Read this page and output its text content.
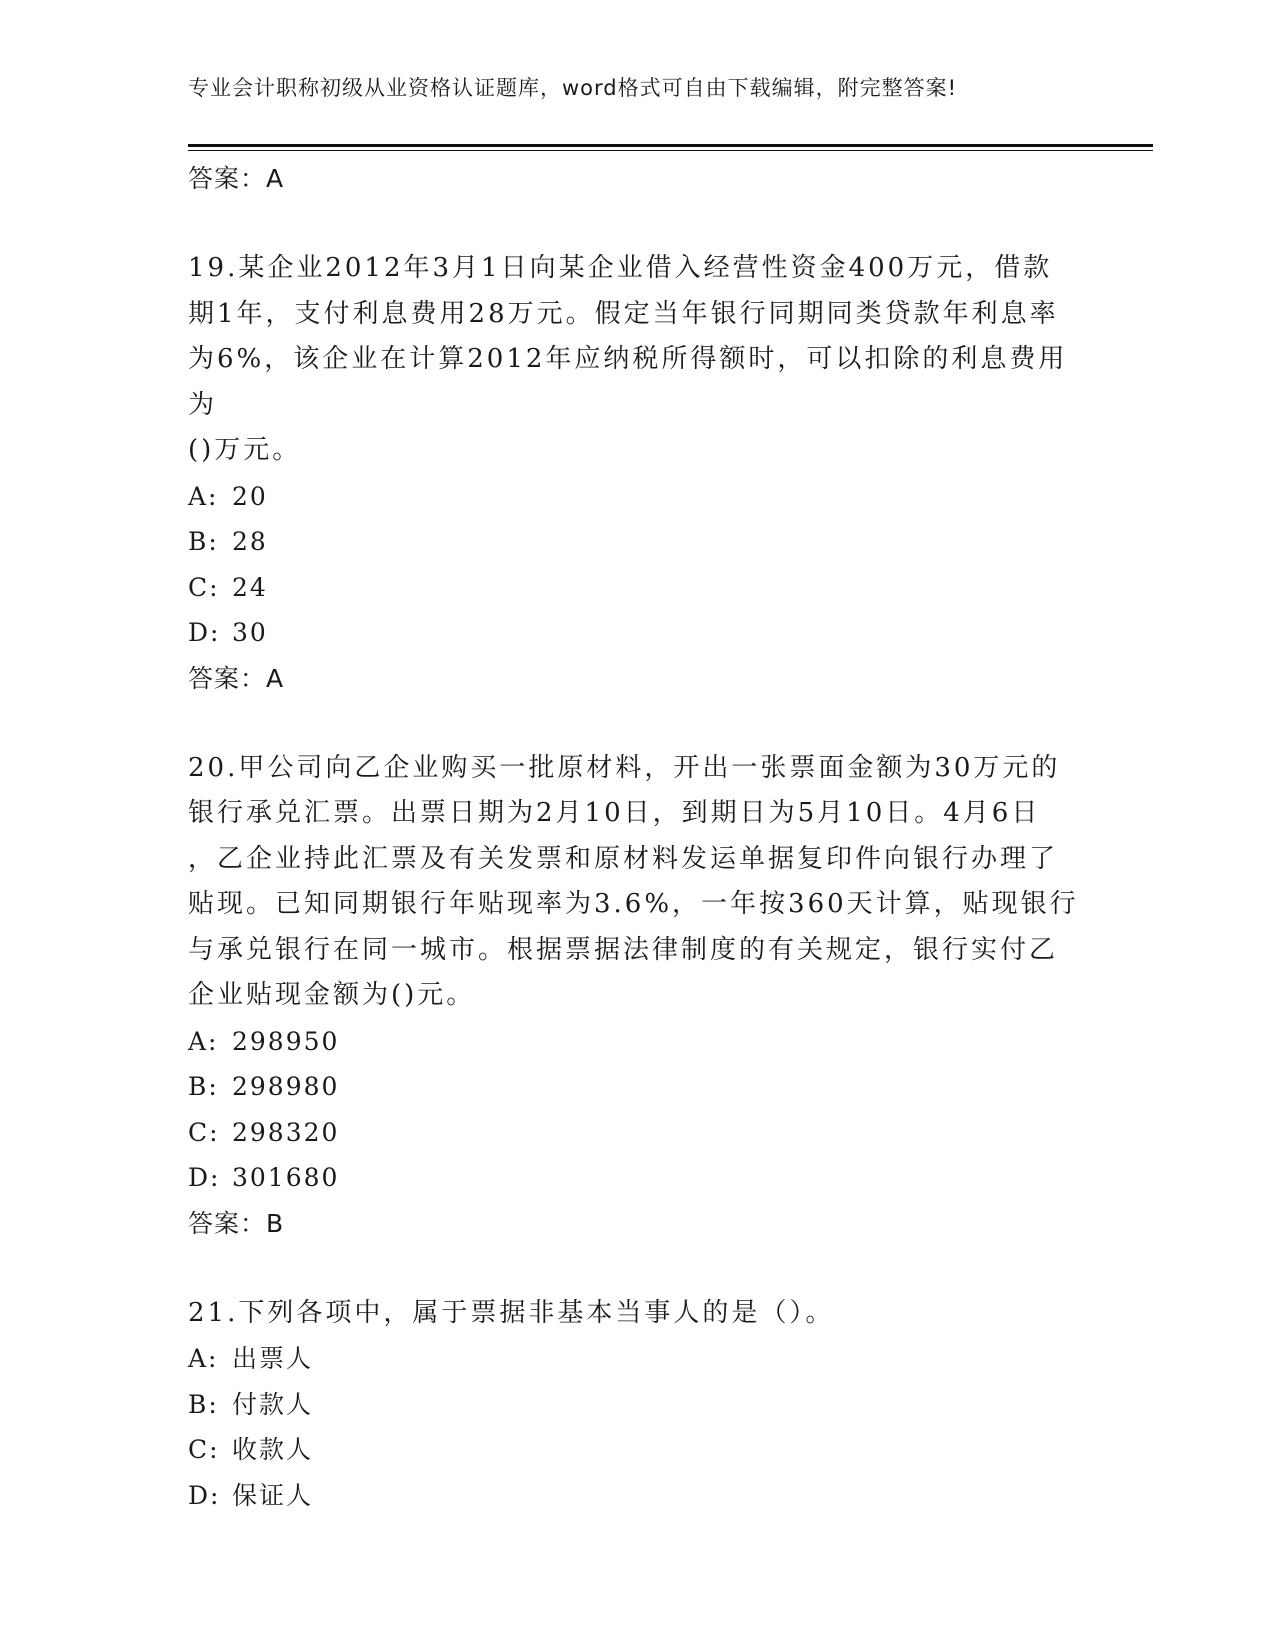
专业会计职称初级从业资格认证题库，word格式可自由下载编辑，附完整答案!
答案：A

19.某企业2012年3月1日向某企业借入经营性资金400万元，借款

期1年，支付利息费用28万元。假定当年银行同期同类贷款年利息率

为6%，该企业在计算2012年应纳税所得额时，可以扣除的利息费用为

()万元。

A: 20
B: 28
C: 24
D: 30
答案：A

20.甲公司向乙企业购买一批原材料，开出一张票面金额为30万元的

银行承兑汇票。出票日期为2月10日，到期日为5月10日。4月6日

，乙企业持此汇票及有关发票和原材料发运单据复印件向银行办理了

贴现。已知同期银行年贴现率为3.6%，一年按360天计算，贴现银行

与承兑银行在同一城市。根据票据法律制度的有关规定，银行实付乙

企业贴现金额为()元。

A: 298950
B: 298980
C: 298320
D: 301680
答案：B

21.下列各项中，属于票据非基本当事人的是（）。

A: 出票人
B: 付款人
C: 收款人
D: 保证人
